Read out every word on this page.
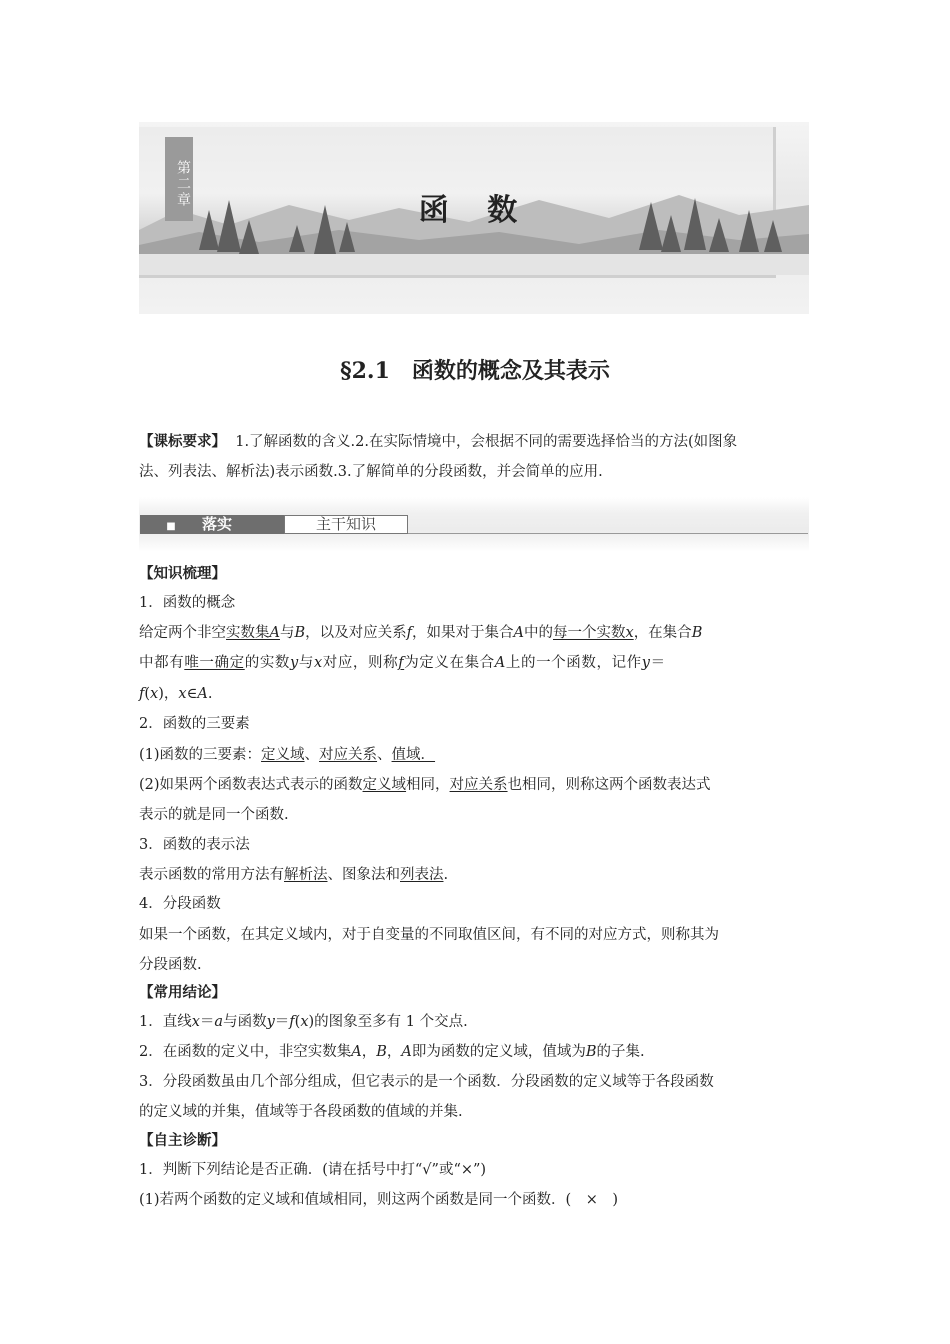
第二章
函 数
§2.1　函数的概念及其表示
【课标要求】 1.了解函数的含义.2.在实际情境中，会根据不同的需要选择恰当的方法(如图象
法、列表法、解析法)表示函数.3.了解简单的分段函数，并会简单的应用.
■ 落实	主干知识
【知识梳理】
1．函数的概念
给定两个非空实数集A与B，以及对应关系f，如果对于集合A中的每一个实数x，在集合B
中都有唯一确定的实数y与x对应，则称f为定义在集合A上的一个函数，记作y＝
f(x)，x∈A.
2．函数的三要素
(1)函数的三要素：定义域、对应关系、值域．
(2)如果两个函数表达式表示的函数定义域相同，对应关系也相同，则称这两个函数表达式
表示的就是同一个函数.
3．函数的表示法
表示函数的常用方法有解析法、图象法和列表法.
4．分段函数
如果一个函数，在其定义域内，对于自变量的不同取值区间，有不同的对应方式，则称其为
分段函数.
【常用结论】
1．直线x＝a与函数y＝f(x)的图象至多有 1 个交点.
2．在函数的定义中，非空实数集A，B，A即为函数的定义域，值域为B的子集.
3．分段函数虽由几个部分组成，但它表示的是一个函数．分段函数的定义域等于各段函数
的定义域的并集，值域等于各段函数的值域的并集.
【自主诊断】
1．判断下列结论是否正确．(请在括号中打“√”或“×”)
(1)若两个函数的定义域和值域相同，则这两个函数是同一个函数．(　×　)
